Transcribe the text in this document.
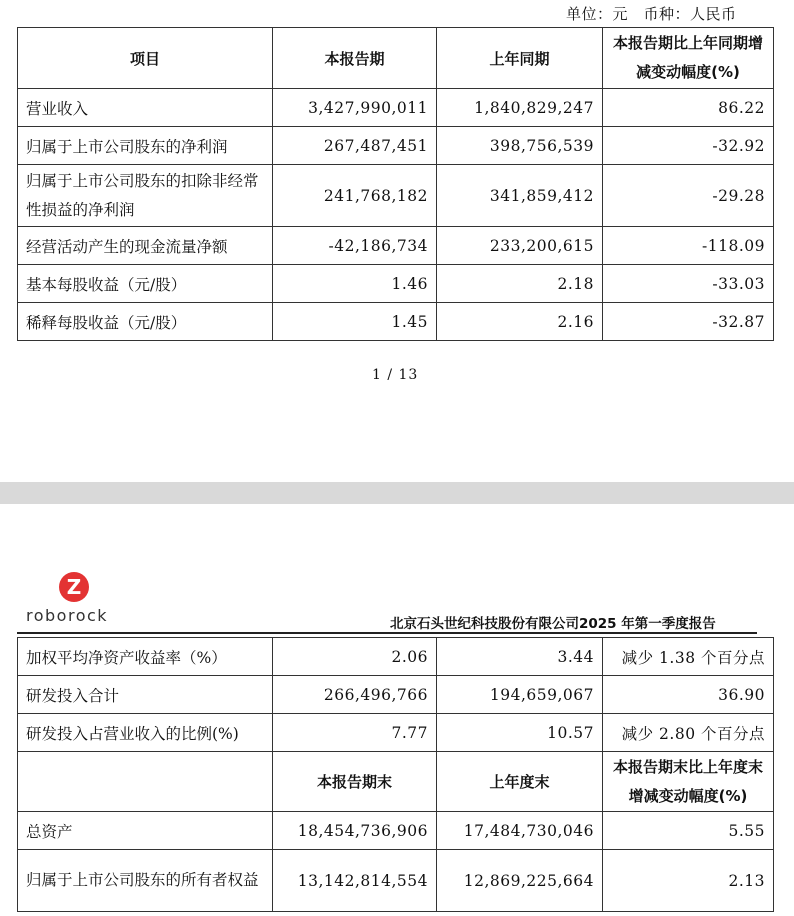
单位：元　币种：人民币
项目	本报告期	上年同期	本报告期比上年同期增减变动幅度(%)
营业收入	3,427,990,011	1,840,829,247	86.22
归属于上市公司股东的净利润	267,487,451	398,756,539	-32.92
归属于上市公司股东的扣除非经常性损益的净利润	241,768,182	341,859,412	-29.28
经营活动产生的现金流量净额	-42,186,734	233,200,615	-118.09
基本每股收益（元/股）	1.46	2.18	-33.03
稀释每股收益（元/股）	1.45	2.16	-32.87
1 / 13
Z
roborock	北京石头世纪科技股份有限公司2025 年第一季度报告
加权平均净资产收益率（%）	2.06	3.44	减少 1.38 个百分点
研发投入合计	266,496,766	194,659,067	36.90
研发投入占营业收入的比例(%)	7.77	10.57	减少 2.80 个百分点
	本报告期末	上年度末	本报告期末比上年度末增减变动幅度(%)
总资产	18,454,736,906	17,484,730,046	5.55
归属于上市公司股东的所有者权益	13,142,814,554	12,869,225,664	2.13
